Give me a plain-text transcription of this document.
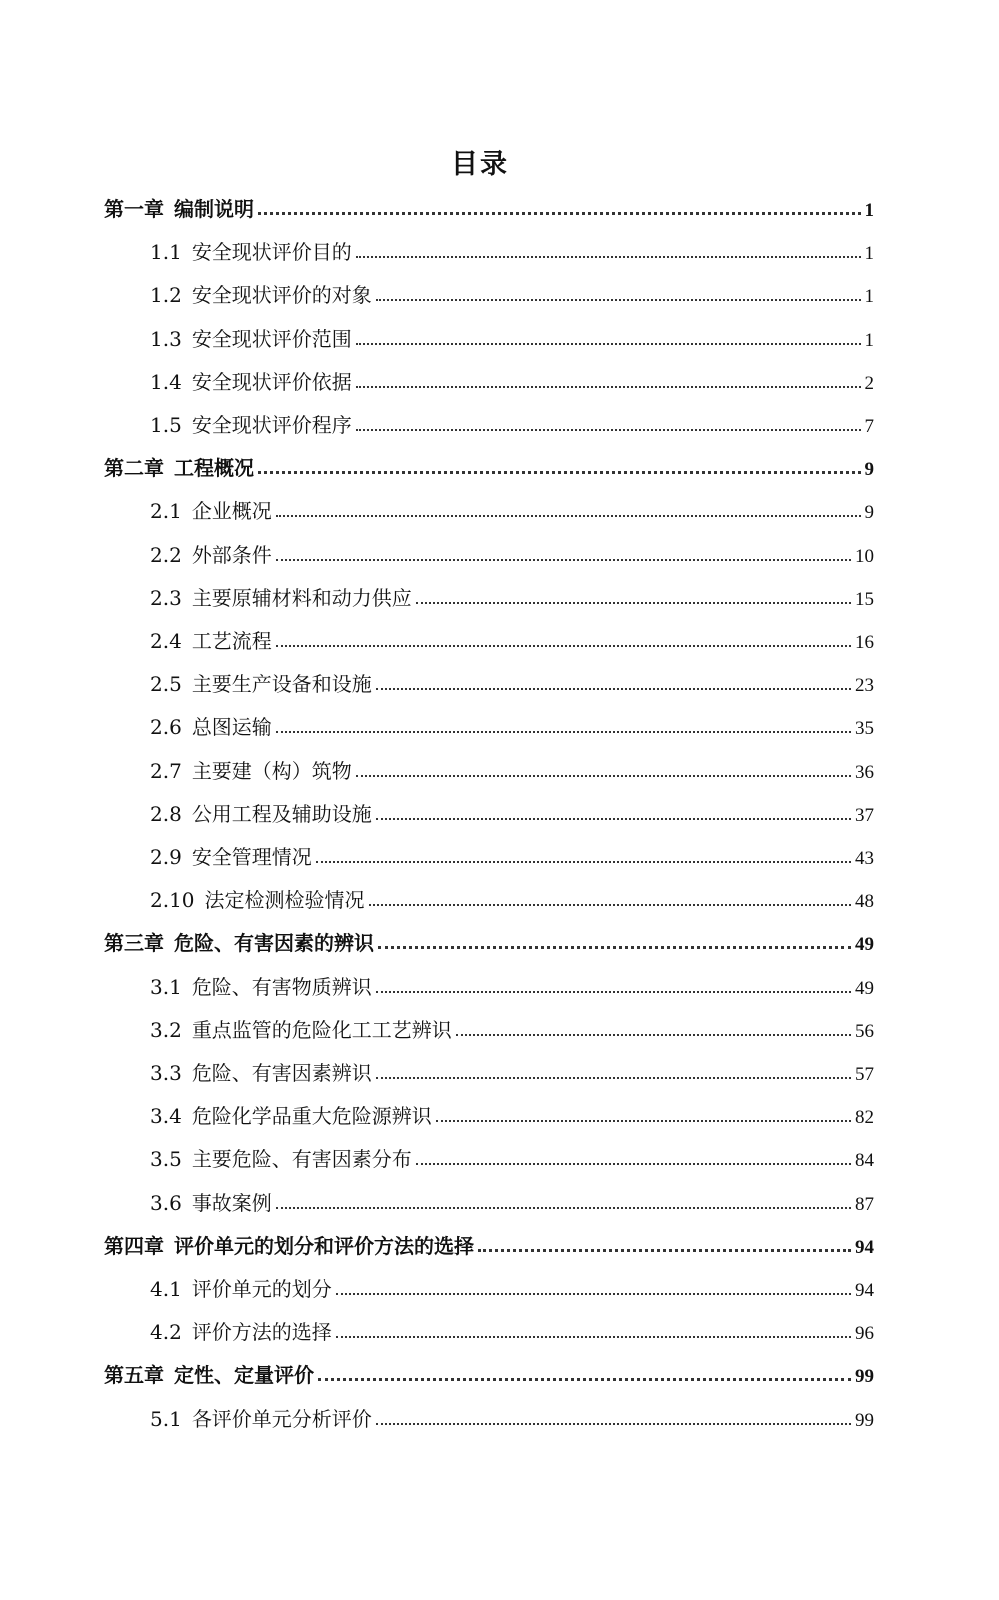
目录
第一章 编制说明	1
1.1 安全现状评价目的	1
1.2 安全现状评价的对象	1
1.3 安全现状评价范围	1
1.4 安全现状评价依据	2
1.5 安全现状评价程序	7
第二章 工程概况	9
2.1 企业概况	9
2.2 外部条件	10
2.3 主要原辅材料和动力供应	15
2.4 工艺流程	16
2.5 主要生产设备和设施	23
2.6 总图运输	35
2.7 主要建（构）筑物	36
2.8 公用工程及辅助设施	37
2.9 安全管理情况	43
2.10 法定检测检验情况	48
第三章 危险、有害因素的辨识	49
3.1 危险、有害物质辨识	49
3.2 重点监管的危险化工工艺辨识	56
3.3 危险、有害因素辨识	57
3.4 危险化学品重大危险源辨识	82
3.5 主要危险、有害因素分布	84
3.6 事故案例	87
第四章 评价单元的划分和评价方法的选择	94
4.1 评价单元的划分	94
4.2 评价方法的选择	96
第五章 定性、定量评价	99
5.1 各评价单元分析评价	99
